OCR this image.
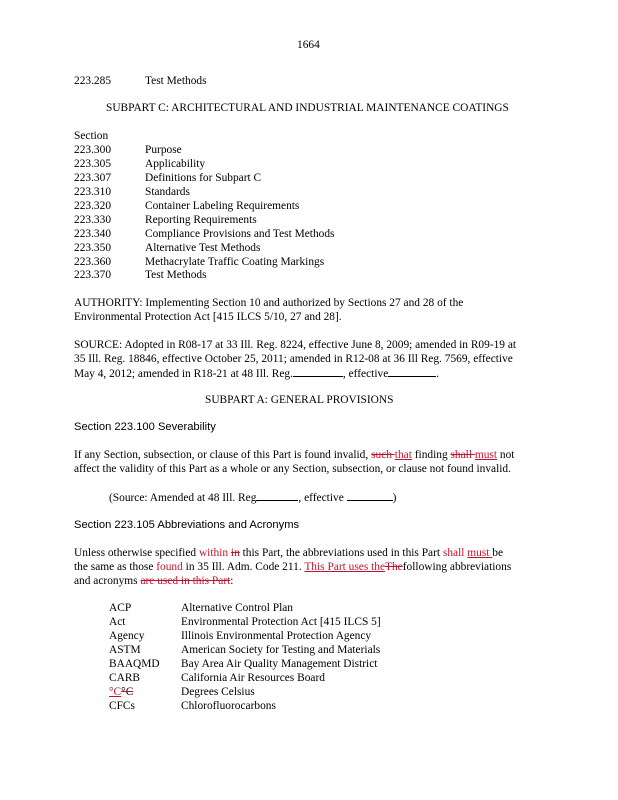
1664
223.285	Test Methods
SUBPART C: ARCHITECTURAL AND INDUSTRIAL MAINTENANCE COATINGS
Section
223.300	Purpose
223.305	Applicability
223.307	Definitions for Subpart C
223.310	Standards
223.320	Container Labeling Requirements
223.330	Reporting Requirements
223.340	Compliance Provisions and Test Methods
223.350	Alternative Test Methods
223.360	Methacrylate Traffic Coating Markings
223.370	Test Methods
AUTHORITY: Implementing Section 10 and authorized by Sections 27 and 28 of the
Environmental Protection Act [415 ILCS 5/10, 27 and 28].
SOURCE: Adopted in R08-17 at 33 Ill. Reg. 8224, effective June 8, 2009; amended in R09-19 at
35 Ill. Reg. 18846, effective October 25, 2011; amended in R12-08 at 36 Ill Reg. 7569, effective
May 4, 2012; amended in R18-21 at 48 Ill. Reg.	, effective	.
SUBPART A: GENERAL PROVISIONS
Section 223.100 Severability
If any Section, subsection, or clause of this Part is found invalid, such that finding shall must not
affect the validity of this Part as a whole or any Section, subsection, or clause not found invalid.
(Source: Amended at 48 Ill. Reg	, effective	)
Section 223.105 Abbreviations and Acronyms
Unless otherwise specified within in this Part, the abbreviations used in this Part shall must be
the same as those found in 35 Ill. Adm. Code 211. This Part uses theThefollowing abbreviations
and acronyms are used in this Part:
ACP	Alternative Control Plan
Act	Environmental Protection Act [415 ILCS 5]
Agency	Illinois Environmental Protection Agency
ASTM	American Society for Testing and Materials
BAAQMD Bay Area Air Quality Management District
CARB	California Air Resources Board
°C°C	Degrees Celsius
CFCs	Chlorofluorocarbons
